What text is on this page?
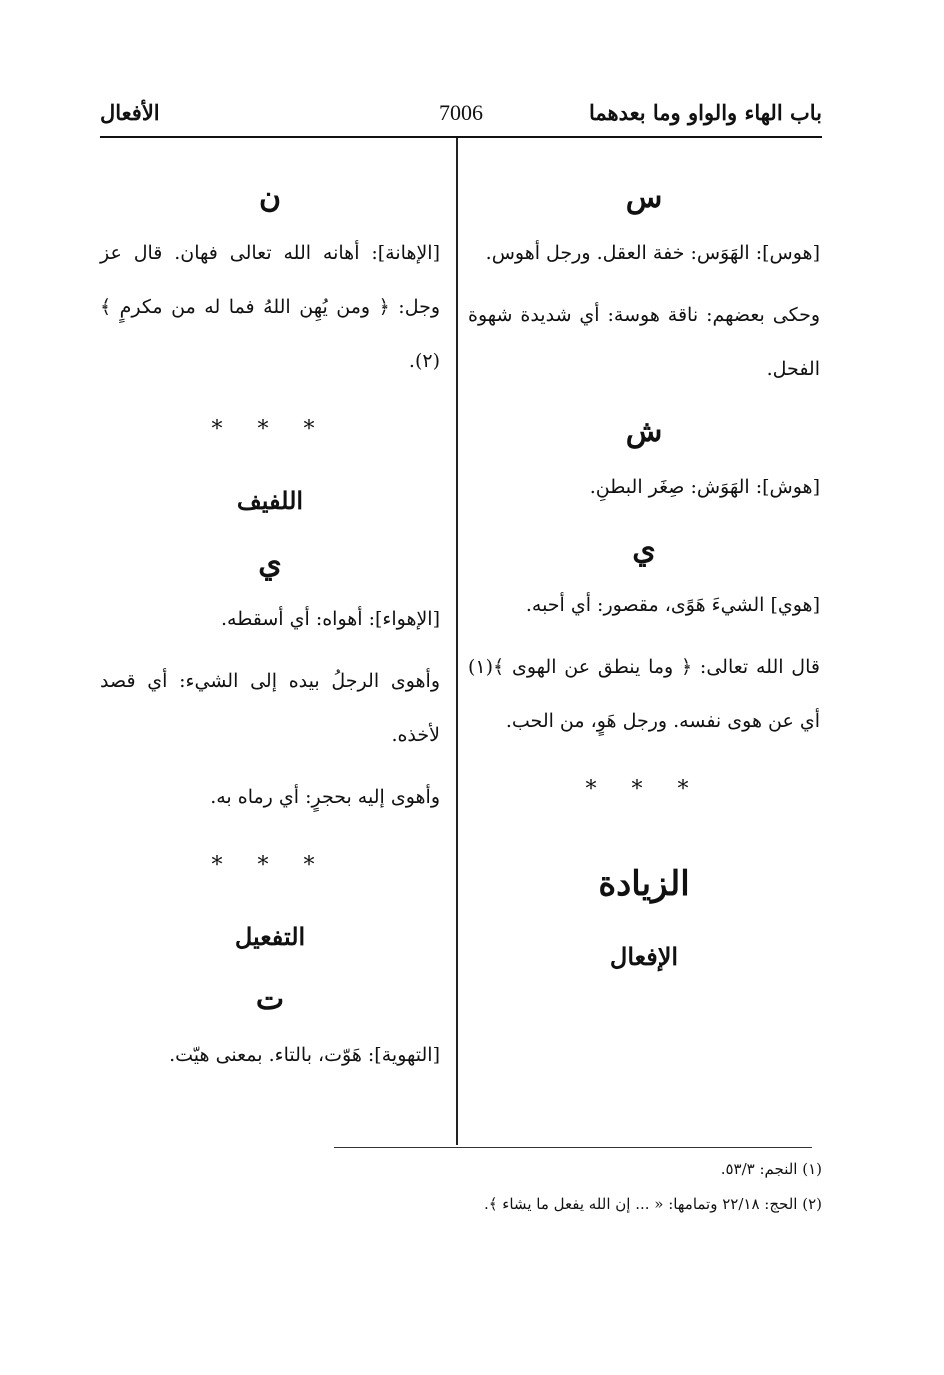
باب الهاء والواو وما بعدهما
7006
الأفعال
س

[هوس]: الهَوَس: خفة العقل. ورجل أهوس.

وحكى بعضهم: ناقة هوسة: أي شديدة شهوة الفحل.

ش

[هوش]: الهَوَش: صِغَر البطنِ.

ي

[هوي] الشيءَ هَوًى، مقصور: أي أحبه.

قال الله تعالى: ﴿ وما ينطق عن الهوى ﴾(١) أي عن هوى نفسه. ورجل هَوٍ، من الحب.

* * *
الزيادة
الإفعال
ن

[الإهانة]: أهانه الله تعالى فهان. قال عز وجل: ﴿ ومن يُهِن اللهُ فما له من مكرمٍ ﴾(٢).

* * *
اللفيف
ي

[الإهواء]: أهواه: أي أسقطه.

وأهوى الرجلُ بيده إلى الشيء: أي قصد لأخذه.

وأهوى إليه بحجرٍ: أي رماه به.

* * *
التفعيل
ت

[التهوية]: هَوّت، بالتاء. بمعنى هيّت.

(١) النجم: ٥٣/٣.
(٢) الحج: ٢٢/١٨ وتمامها: « ... إن الله يفعل ما يشاء ﴾.
